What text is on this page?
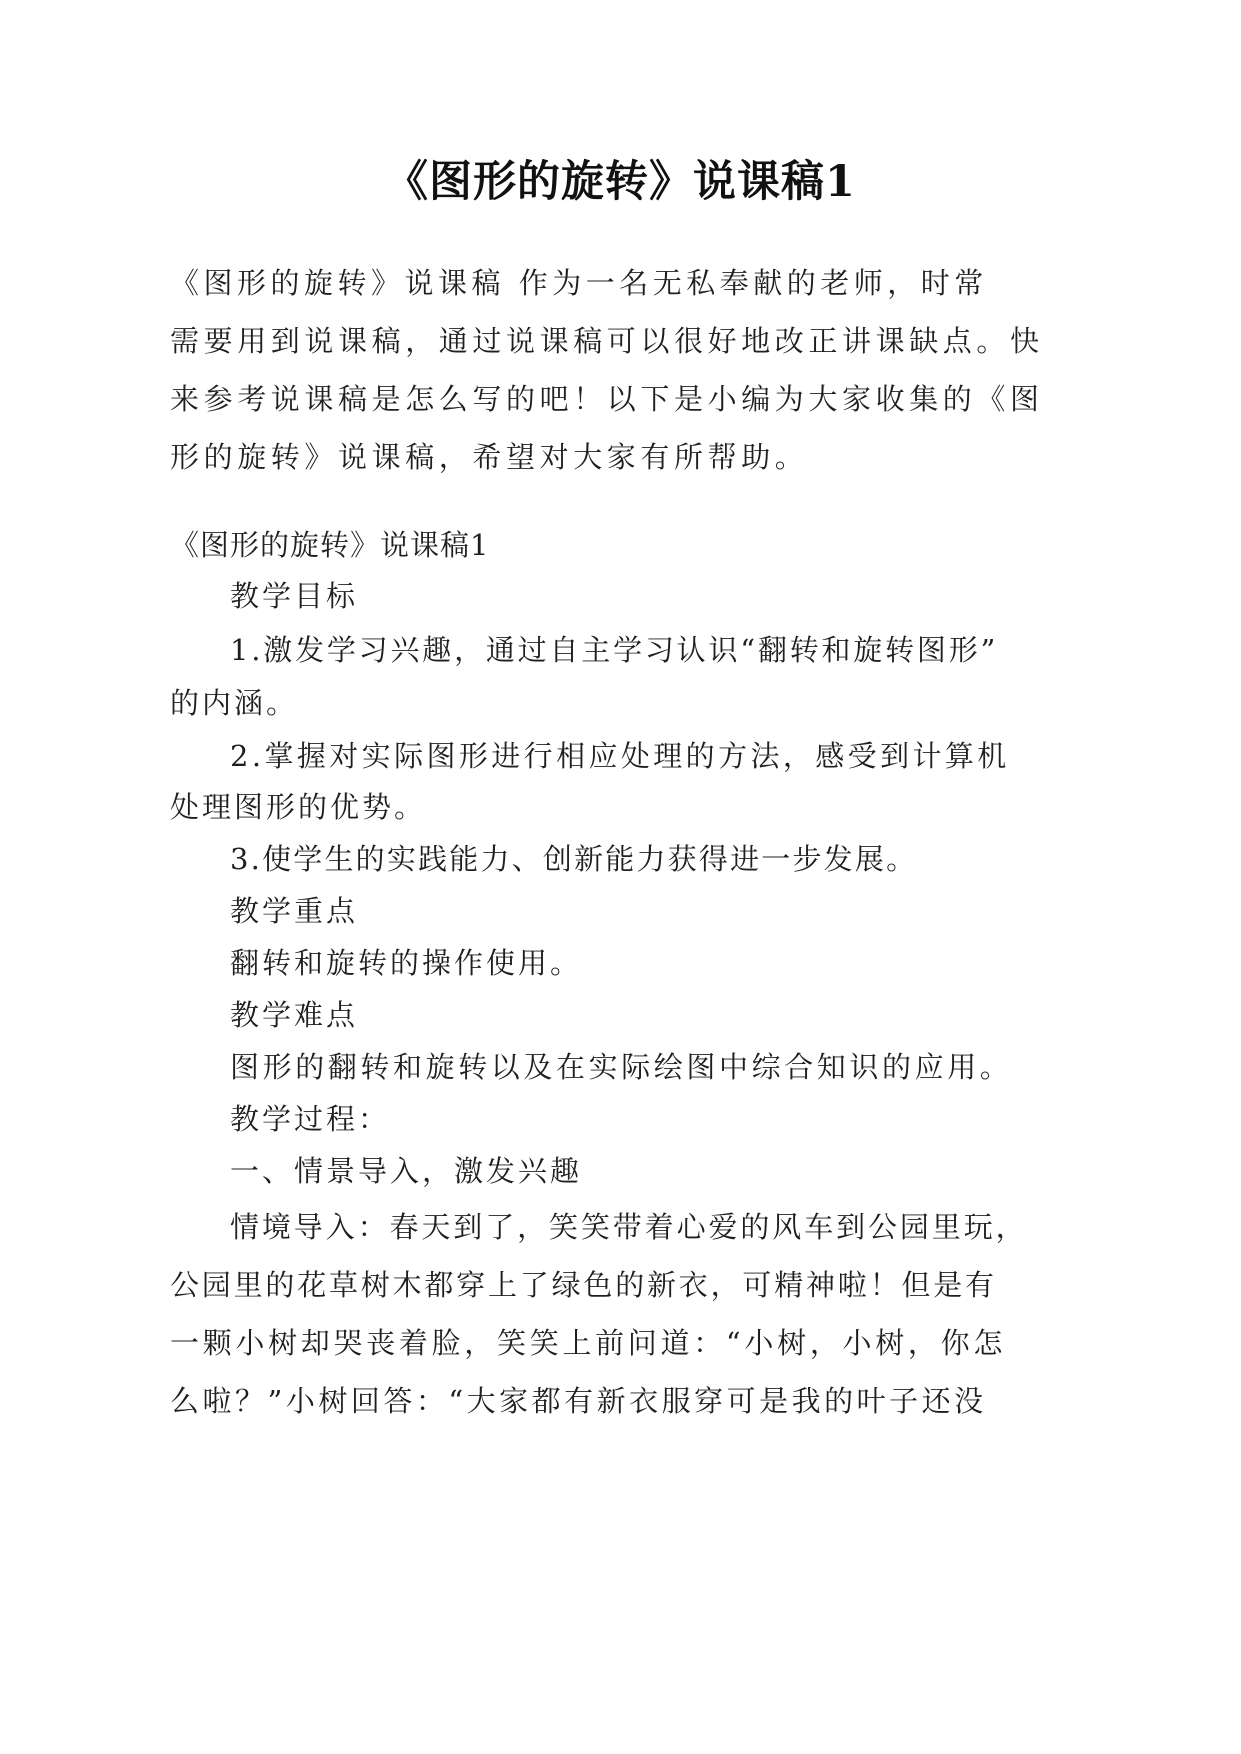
《图形的旋转》说课稿1
《图形的旋转》说课稿 作为一名无私奉献的老师，时常
需要用到说课稿，通过说课稿可以很好地改正讲课缺点。快
来参考说课稿是怎么写的吧！以下是小编为大家收集的《图
形的旋转》说课稿，希望对大家有所帮助。
《图形的旋转》说课稿1
教学目标
1.激发学习兴趣，通过自主学习认识“翻转和旋转图形”
的内涵。
2.掌握对实际图形进行相应处理的方法，感受到计算机
处理图形的优势。
3.使学生的实践能力、创新能力获得进一步发展。
教学重点
翻转和旋转的操作使用。
教学难点
图形的翻转和旋转以及在实际绘图中综合知识的应用。
教学过程：
一、情景导入，激发兴趣
情境导入：春天到了，笑笑带着心爱的风车到公园里玩，
公园里的花草树木都穿上了绿色的新衣，可精神啦！但是有
一颗小树却哭丧着脸，笑笑上前问道：“小树，小树，你怎
么啦？”小树回答：“大家都有新衣服穿可是我的叶子还没
